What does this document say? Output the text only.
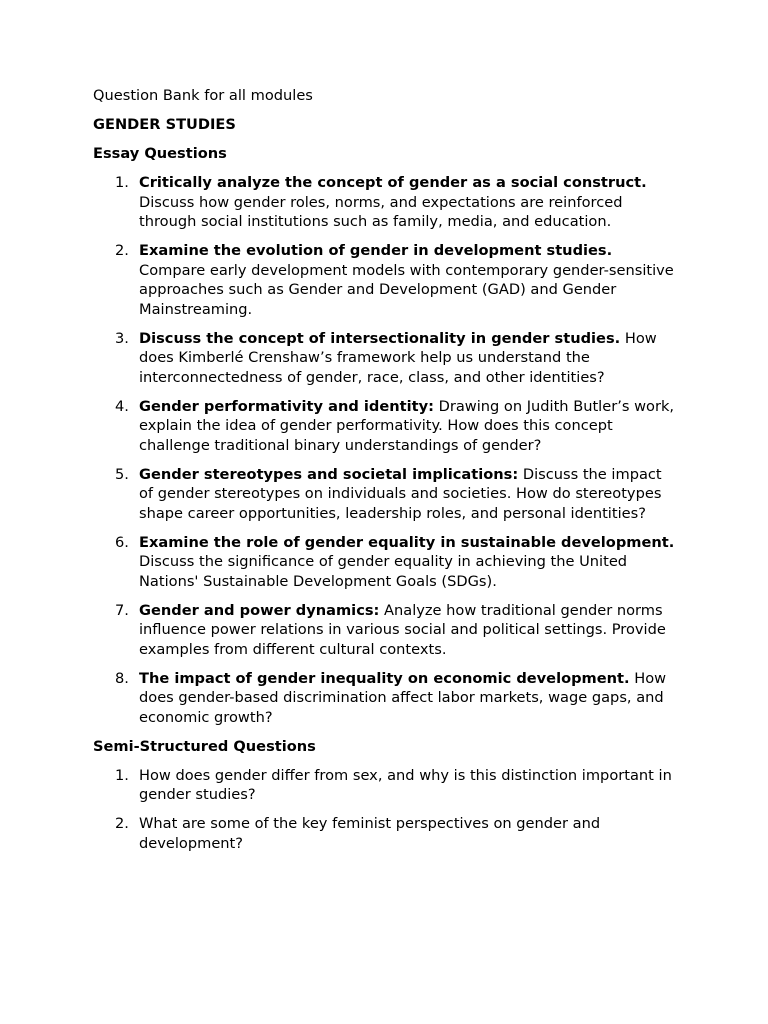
Question Bank for all modules
GENDER STUDIES
Essay Questions
1. Critically analyze the concept of gender as a social construct. Discuss how gender roles, norms, and expectations are reinforced through social institutions such as family, media, and education.
2. Examine the evolution of gender in development studies. Compare early development models with contemporary gender-sensitive approaches such as Gender and Development (GAD) and Gender Mainstreaming.
3. Discuss the concept of intersectionality in gender studies. How does Kimberlé Crenshaw’s framework help us understand the interconnectedness of gender, race, class, and other identities?
4. Gender performativity and identity: Drawing on Judith Butler’s work, explain the idea of gender performativity. How does this concept challenge traditional binary understandings of gender?
5. Gender stereotypes and societal implications: Discuss the impact of gender stereotypes on individuals and societies. How do stereotypes shape career opportunities, leadership roles, and personal identities?
6. Examine the role of gender equality in sustainable development. Discuss the significance of gender equality in achieving the United Nations' Sustainable Development Goals (SDGs).
7. Gender and power dynamics: Analyze how traditional gender norms influence power relations in various social and political settings. Provide examples from different cultural contexts.
8. The impact of gender inequality on economic development. How does gender-based discrimination affect labor markets, wage gaps, and economic growth?
Semi-Structured Questions
1. How does gender differ from sex, and why is this distinction important in gender studies?
2. What are some of the key feminist perspectives on gender and development?
